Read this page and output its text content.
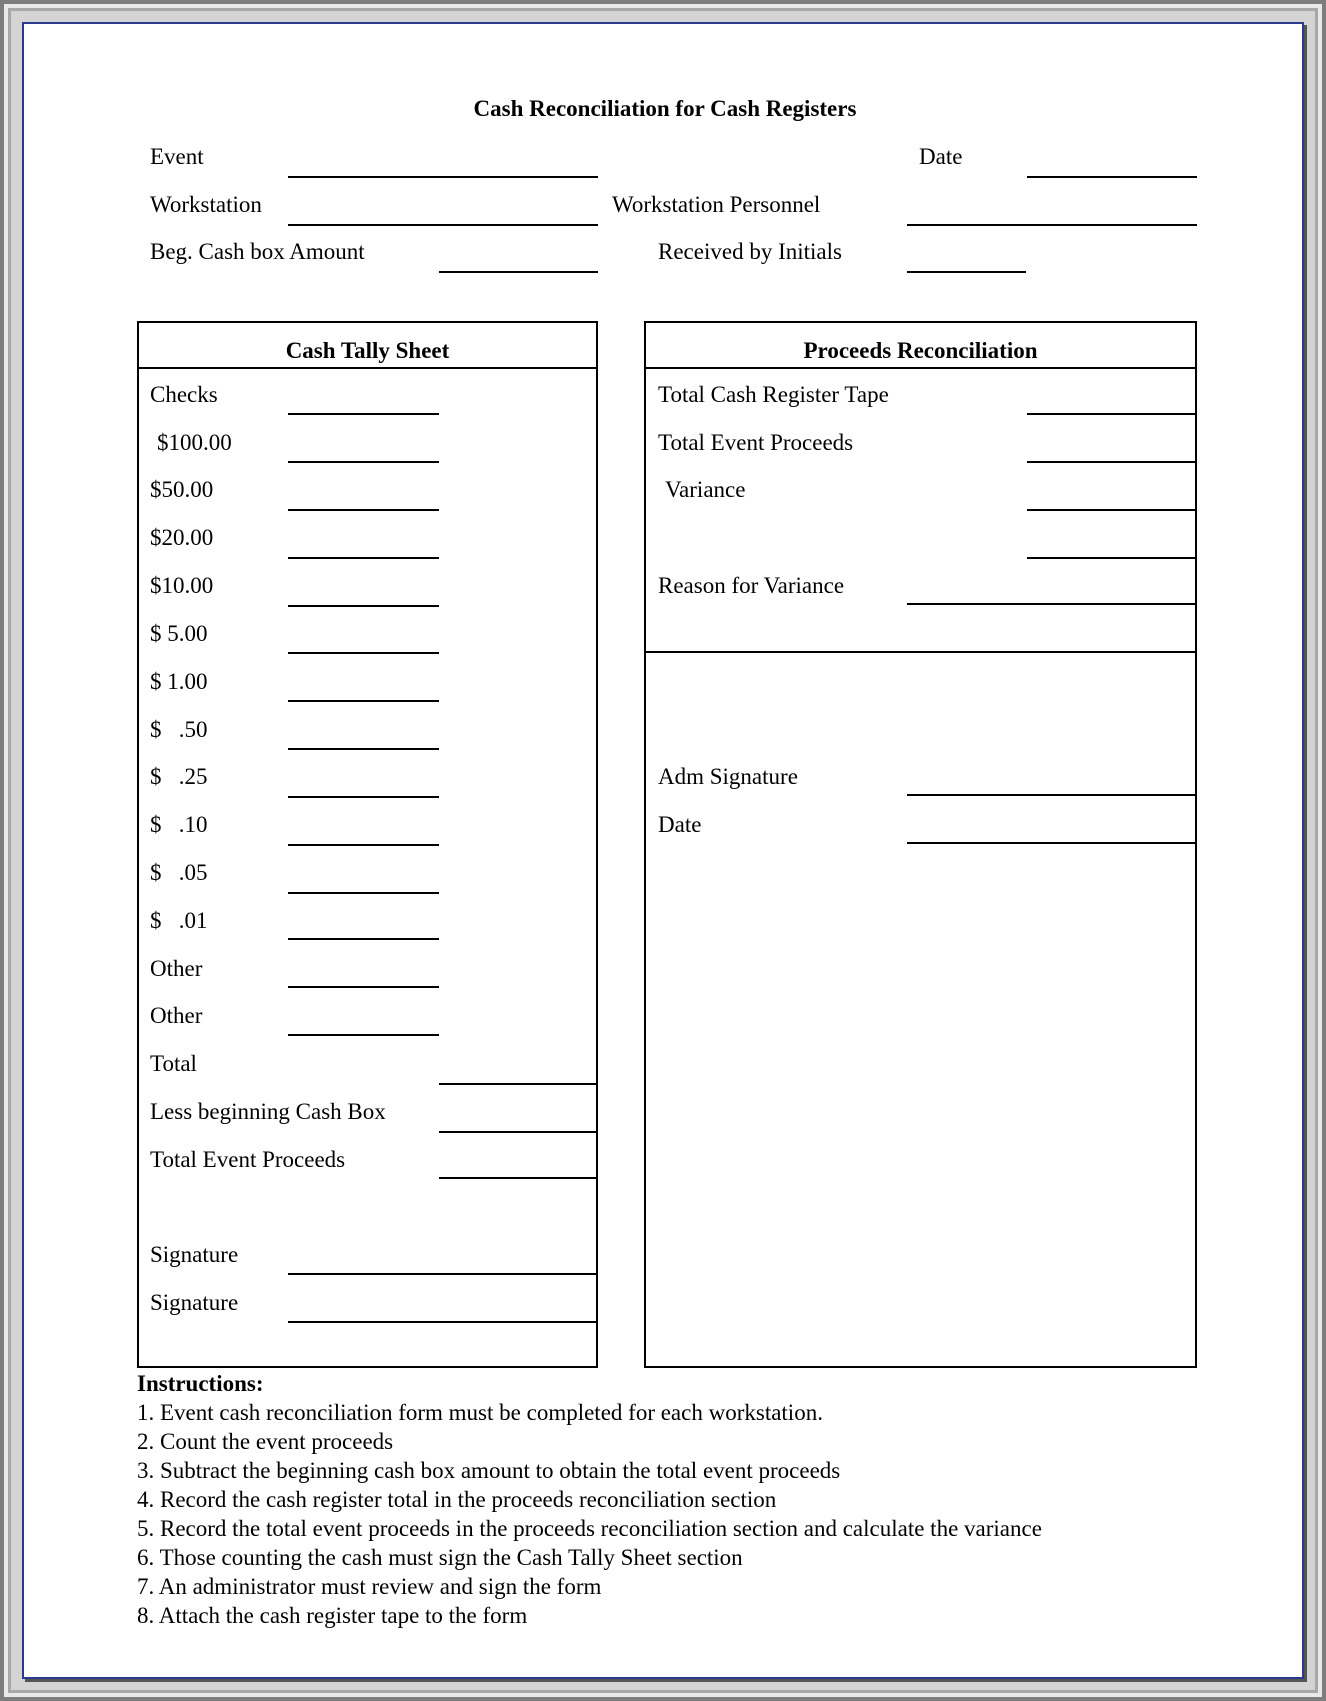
Cash Reconciliation for Cash Registers
Event	Date
Workstation	Workstation Personnel
Beg. Cash box Amount	Received by Initials
Cash Tally Sheet
Checks
$100.00
$50.00
$20.00
$10.00
$ 5.00
$ 1.00
$   .50
$   .25
$   .10
$   .05
$   .01
Other
Other
Total
Less beginning Cash Box
Total Event Proceeds
Signature
Signature
Proceeds Reconciliation
Total Cash Register Tape
Total Event Proceeds
Variance
Reason for Variance
Adm Signature
Date
Instructions:
1. Event cash reconciliation form must be completed for each workstation.
2. Count the event proceeds
3. Subtract the beginning cash box amount to obtain the total event proceeds
4. Record the cash register total in the proceeds reconciliation section
5. Record the total event proceeds in the proceeds reconciliation section and calculate the variance
6. Those counting the cash must sign the Cash Tally Sheet section
7. An administrator must review and sign the form
8. Attach the cash register tape to the form
